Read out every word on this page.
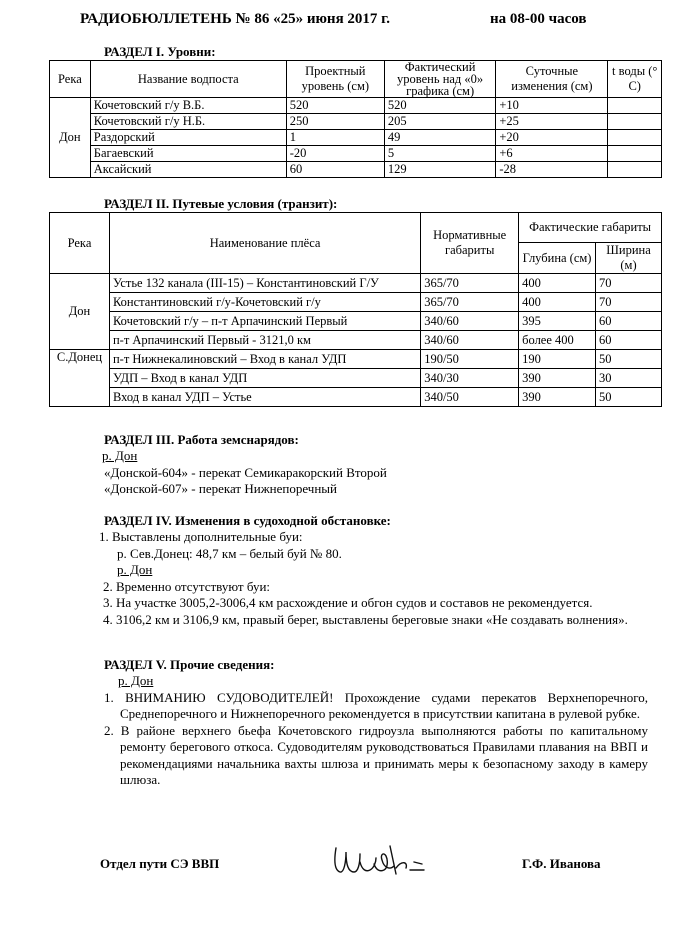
РАДИОБЮЛЛЕТЕНЬ № 86 «25» июня 2017 г.	на 08-00 часов
РАЗДЕЛ I. Уровни:
Река	Название водпоста	Проектный уровень (см)	Фактический уровень над «0» графика (см)	Суточные изменения (см)	t воды (° С)
Дон	Кочетовский г/у В.Б.	520	520	+10	
	Кочетовский г/у Н.Б.	250	205	+25	
	Раздорский	1	49	+20	
	Багаевский	-20	5	+6	
	Аксайский	60	129	-28	
РАЗДЕЛ II. Путевые условия (транзит):
Река	Наименование плёса	Нормативные габариты	Фактические габариты	
			Глубина (см)	Ширина (м)
Дон	Устье 132 канала (III-15) – Константиновский Г/У	365/70	400	70
	Константиновский г/у-Кочетовский г/у	365/70	400	70
	Кочетовский г/у – п-т Арпачинский Первый	340/60	395	60
	п-т Арпачинский Первый - 3121,0 км	340/60	более 400	60
С.Донец	п-т Нижнекалиновский – Вход в канал УДП	190/50	190	50
	УДП – Вход в канал УДП	340/30	390	30
	Вход в канал УДП – Устье	340/50	390	50
РАЗДЕЛ III. Работа земснарядов:
р. Дон
«Донской-604» - перекат Семикаракорский Второй
«Донской-607» - перекат Нижнепоречный
РАЗДЕЛ IV. Изменения в судоходной обстановке:
1. Выставлены дополнительные буи:
р. Сев.Донец: 48,7 км – белый буй № 80.
р. Дон
2. Временно отсутствуют буи:
3. На участке 3005,2-3006,4 км расхождение и обгон судов и составов не рекомендуется.
4. 3106,2 км и 3106,9 км, правый берег, выставлены береговые знаки «Не создавать волнения».
РАЗДЕЛ V. Прочие сведения:
р. Дон
1. ВНИМАНИЮ СУДОВОДИТЕЛЕЙ! Прохождение судами перекатов Верхнепоречного, Среднепоречного и Нижнепоречного рекомендуется в присутствии капитана в рулевой рубке.
2. В районе верхнего бьефа Кочетовского гидроузла выполняются работы по капитальному ремонту берегового откоса. Судоводителям руководствоваться Правилами плавания на ВВП и рекомендациями начальника вахты шлюза и принимать меры к безопасному заходу в камеру шлюза.
Отдел пути СЭ ВВП	Г.Ф. Иванова
